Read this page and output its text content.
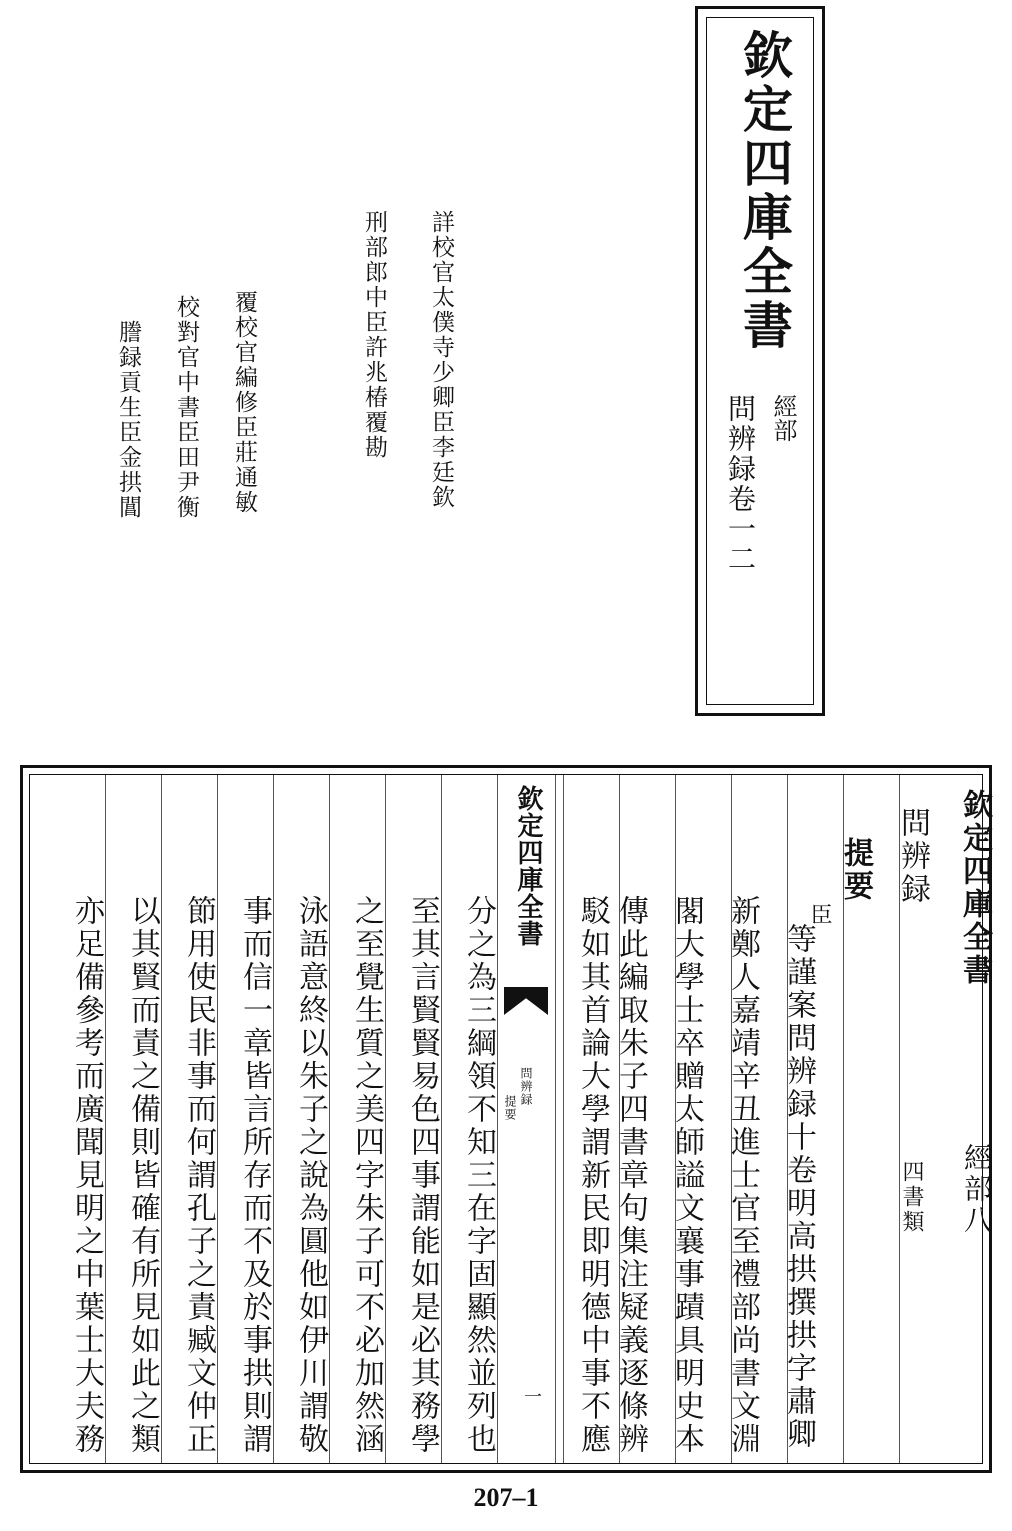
欽定四庫全書
經部
問辨録卷一二
詳校官太僕寺少卿臣李廷欽
刑部郎中臣許兆椿覆勘
覆校官編修臣莊通敏
校對官中書臣田尹衡
謄録貢生臣金拱閶
欽定四庫全書
經部八
問辨録
四書類
提要
臣
等謹案問辨録十卷明高拱撰拱字肅卿
新鄭人嘉靖辛丑進士官至禮部尚書文淵
閣大學士卒贈太師謚文襄事蹟具明史本
傳此編取朱子四書章句集注疑義逐條辨
駁如其首論大學謂新民即明德中事不應
欽定四庫全書
問辨録
提要
一
分之為三綱領不知三在字固顯然並列也
至其言賢賢易色四事謂能如是必其務學
之至覺生質之美四字朱子可不必加然涵
泳語意終以朱子之說為圓他如伊川謂敬
事而信一章皆言所存而不及於事拱則謂
節用使民非事而何謂孔子之責臧文仲正
以其賢而責之備則皆確有所見如此之類
亦足備參考而廣聞見明之中葉士大夫務
207–1
